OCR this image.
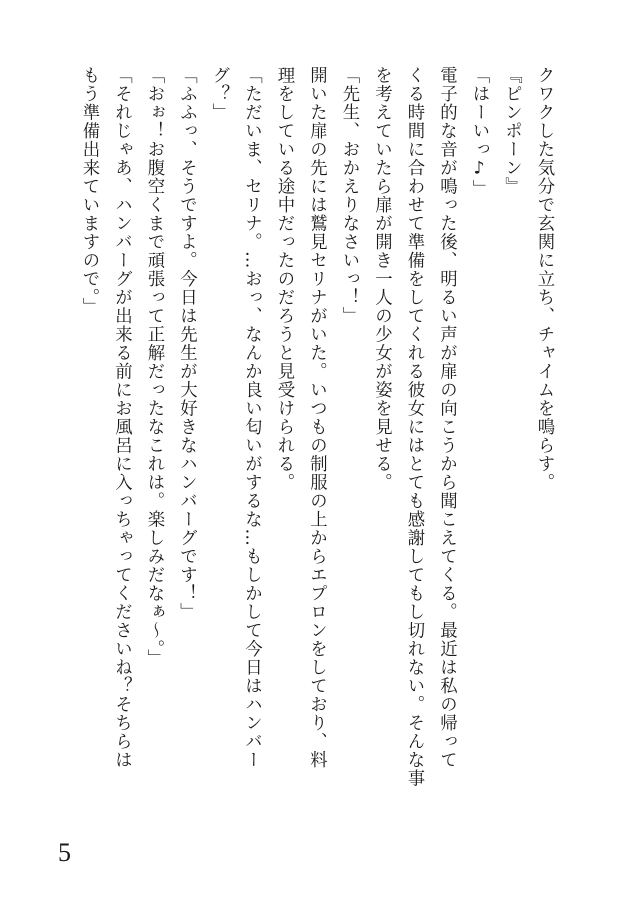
クワクした気分で玄関に立ち、チャイムを鳴らす。
『ピンポーン』
「はーいっ♪」
電子的な音が鳴った後、明るい声が扉の向こうから聞こえてくる。最近は私の帰って
くる時間に合わせて準備をしてくれる彼女にはとても感謝してもし切れない。そんな事
を考えていたら扉が開き一人の少女が姿を見せる。
「先生、おかえりなさいっ！」
開いた扉の先には鷲見セリナがいた。いつもの制服の上からエプロンをしており、料
理をしている途中だったのだろうと見受けられる。
「ただいま、セリナ。…おっ、なんか良い匂いがするな…もしかして今日はハンバー
グ？」
「ふふっ、そうですよ。今日は先生が大好きなハンバーグです！」
「おぉ！お腹空くまで頑張って正解だったなこれは。楽しみだなぁ～。」
「それじゃあ、ハンバーグが出来る前にお風呂に入っちゃってくださいね？そちらは
もう準備出来ていますので。」
5
